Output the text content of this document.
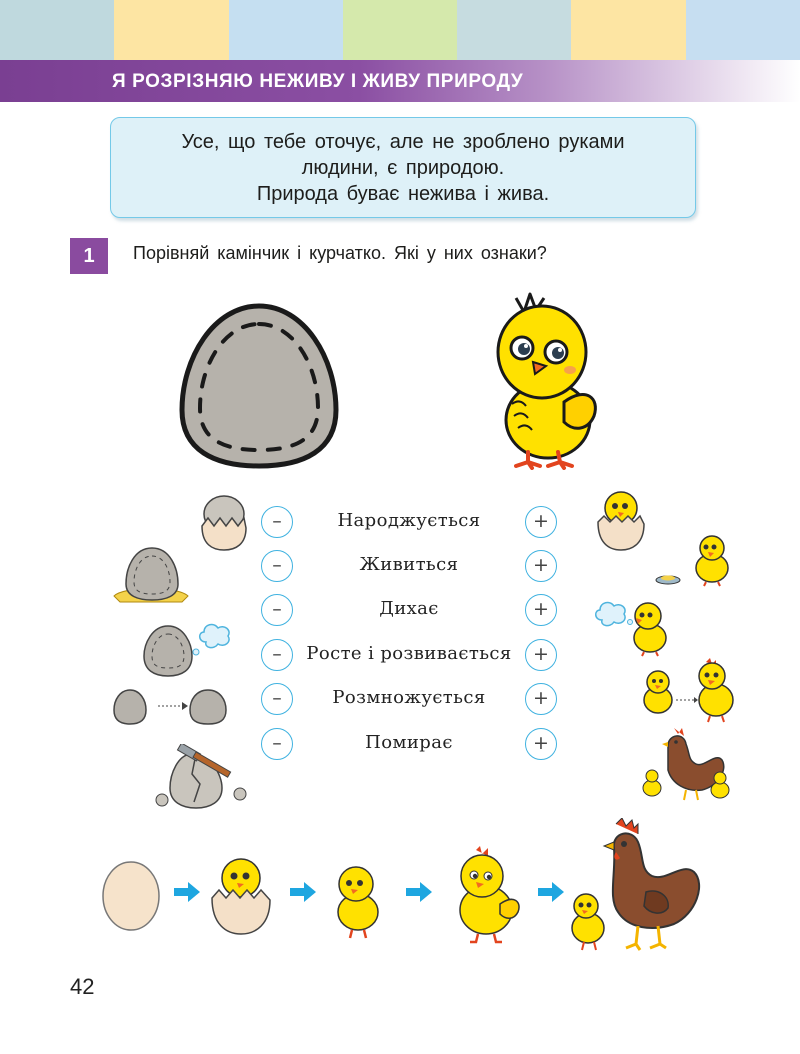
Я РОЗРІЗНЯЮ НЕЖИВУ І ЖИВУ ПРИРОДУ
Усе, що тебе оточує, але не зроблено руками
людини, є природою.
Природа буває нежива і жива.
1	Порівняй камінчик і курчатко. Які у них ознаки?
–	Народжується	+
–	Живиться	+
–	Дихає	+
–	Росте і розвивається	+
–	Розмножується	+
–	Помирає	+
42
